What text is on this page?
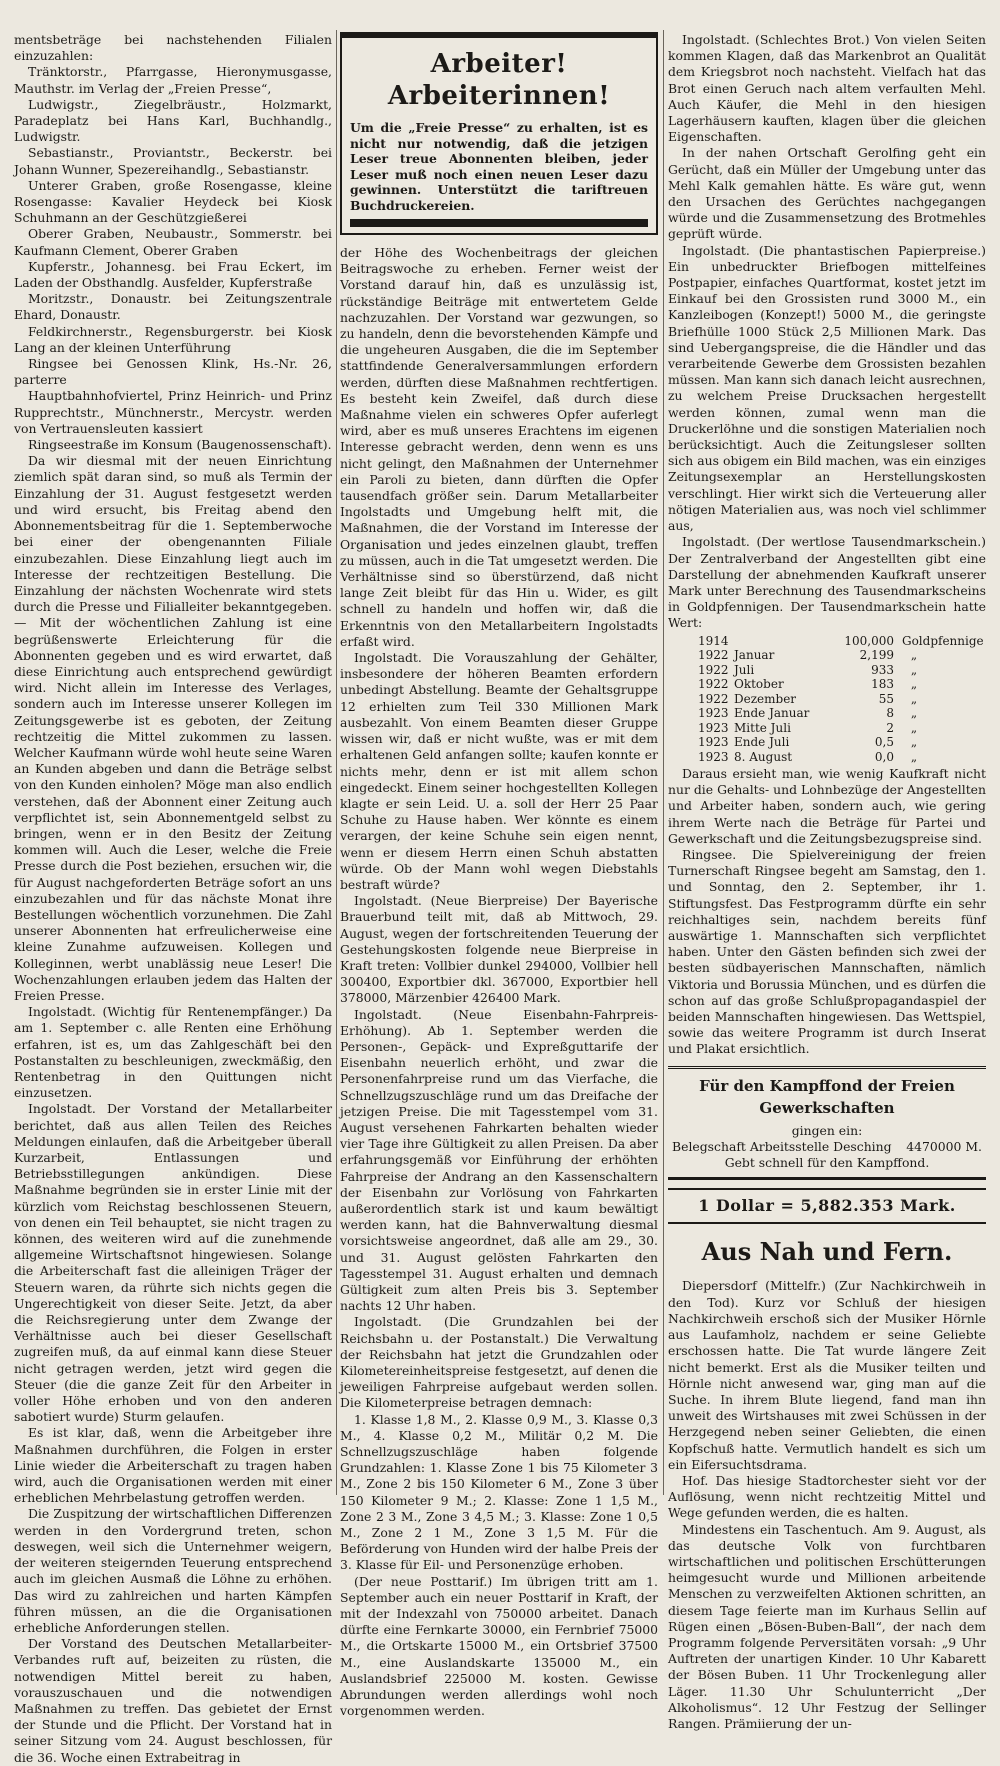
mentsbeträge bei nachstehenden Filialen einzuzahlen:

Tränktorstr., Pfarrgasse, Hieronymusgasse, Mauthstr. im Verlag der „Freien Presse“,

Ludwigstr., Ziegelbräustr., Holzmarkt, Paradeplatz bei Hans Karl, Buchhandlg., Ludwigstr.

Sebastianstr., Proviantstr., Beckerstr. bei Johann Wunner, Spezereihandlg., Sebastianstr.

Unterer Graben, große Rosengasse, kleine Rosengasse: Kavalier Heydeck bei Kiosk Schuhmann an der Geschützgießerei

Oberer Graben, Neubaustr., Sommerstr. bei Kaufmann Clement, Oberer Graben

Kupferstr., Johannesg. bei Frau Eckert, im Laden der Obsthandlg. Ausfelder, Kupferstraße

Moritzstr., Donaustr. bei Zeitungszentrale Ehard, Donaustr.

Feldkirchnerstr., Regensburgerstr. bei Kiosk Lang an der kleinen Unterführung

Ringsee bei Genossen Klink, Hs.-Nr. 26, parterre

Hauptbahnhofviertel, Prinz Heinrich- und Prinz Rupprechtstr., Münchnerstr., Mercystr. werden von Vertrauensleuten kassiert

Ringseestraße im Konsum (Baugenossenschaft).

Da wir diesmal mit der neuen Einrichtung ziemlich spät daran sind, so muß als Termin der Einzahlung der 31. August festgesetzt werden und wird ersucht, bis Freitag abend den Abonnementsbeitrag für die 1. Septemberwoche bei einer der obengenannten Filiale einzubezahlen. Diese Einzahlung liegt auch im Interesse der rechtzeitigen Bestellung. Die Einzahlung der nächsten Wochenrate wird stets durch die Presse und Filialleiter bekanntgegeben. — Mit der wöchentlichen Zahlung ist eine begrüßenswerte Erleichterung für die Abonnenten gegeben und es wird erwartet, daß diese Einrichtung auch entsprechend gewürdigt wird. Nicht allein im Interesse des Verlages, sondern auch im Interesse unserer Kollegen im Zeitungsgewerbe ist es geboten, der Zeitung rechtzeitig die Mittel zukommen zu lassen. Welcher Kaufmann würde wohl heute seine Waren an Kunden abgeben und dann die Beträge selbst von den Kunden einholen? Möge man also endlich verstehen, daß der Abonnent einer Zeitung auch verpflichtet ist, sein Abonnementgeld selbst zu bringen, wenn er in den Besitz der Zeitung kommen will. Auch die Leser, welche die Freie Presse durch die Post beziehen, ersuchen wir, die für August nachgeforderten Beträge sofort an uns einzubezahlen und für das nächste Monat ihre Bestellungen wöchentlich vorzunehmen. Die Zahl unserer Abonnenten hat erfreulicherweise eine kleine Zunahme aufzuweisen. Kollegen und Kolleginnen, werbt unablässig neue Leser! Die Wochenzahlungen erlauben jedem das Halten der Freien Presse.

Ingolstadt. (Wichtig für Rentenempfänger.) Da am 1. September c. alle Renten eine Erhöhung erfahren, ist es, um das Zahlgeschäft bei den Postanstalten zu beschleunigen, zweckmäßig, den Rentenbetrag in den Quittungen nicht einzusetzen.

Ingolstadt. Der Vorstand der Metallarbeiter berichtet, daß aus allen Teilen des Reiches Meldungen einlaufen, daß die Arbeitgeber überall Kurzarbeit, Entlassungen und Betriebsstillegungen ankündigen. Diese Maßnahme begründen sie in erster Linie mit der kürzlich vom Reichstag beschlossenen Steuern, von denen ein Teil behauptet, sie nicht tragen zu können, des weiteren wird auf die zunehmende allgemeine Wirtschaftsnot hingewiesen. Solange die Arbeiterschaft fast die alleinigen Träger der Steuern waren, da rührte sich nichts gegen die Ungerechtigkeit von dieser Seite. Jetzt, da aber die Reichsregierung unter dem Zwange der Verhältnisse auch bei dieser Gesellschaft zugreifen muß, da auf einmal kann diese Steuer nicht getragen werden, jetzt wird gegen die Steuer (die die ganze Zeit für den Arbeiter in voller Höhe erhoben und von den anderen sabotiert wurde) Sturm gelaufen.

Es ist klar, daß, wenn die Arbeitgeber ihre Maßnahmen durchführen, die Folgen in erster Linie wieder die Arbeiterschaft zu tragen haben wird, auch die Organisationen werden mit einer erheblichen Mehrbelastung getroffen werden.

Die Zuspitzung der wirtschaftlichen Differenzen werden in den Vordergrund treten, schon deswegen, weil sich die Unternehmer weigern, der weiteren steigernden Teuerung entsprechend auch im gleichen Ausmaß die Löhne zu erhöhen. Das wird zu zahlreichen und harten Kämpfen führen müssen, an die die Organisationen erhebliche Anforderungen stellen.

Der Vorstand des Deutschen Metallarbeiter-Verbandes ruft auf, beizeiten zu rüsten, die notwendigen Mittel bereit zu haben, vorauszuschauen und die notwendigen Maßnahmen zu treffen. Das gebietet der Ernst der Stunde und die Pflicht. Der Vorstand hat in seiner Sitzung vom 24. August beschlossen, für die 36. Woche einen Extrabeitrag in

Arbeiter! Arbeiterinnen!
Um die „Freie Presse“ zu erhalten, ist es nicht nur notwendig, daß die jetzigen Leser treue Abonnenten bleiben, jeder Leser muß noch einen neuen Leser dazu gewinnen. Unterstützt die tariftreuen Buchdruckereien.

der Höhe des Wochenbeitrags der gleichen Beitragswoche zu erheben. Ferner weist der Vorstand darauf hin, daß es unzulässig ist, rückständige Beiträge mit entwertetem Gelde nachzuzahlen. Der Vorstand war gezwungen, so zu handeln, denn die bevorstehenden Kämpfe und die ungeheuren Ausgaben, die die im September stattfindende Generalversammlungen erfordern werden, dürften diese Maßnahmen rechtfertigen. Es besteht kein Zweifel, daß durch diese Maßnahme vielen ein schweres Opfer auferlegt wird, aber es muß unseres Erachtens im eigenen Interesse gebracht werden, denn wenn es uns nicht gelingt, den Maßnahmen der Unternehmer ein Paroli zu bieten, dann dürften die Opfer tausendfach größer sein. Darum Metallarbeiter Ingolstadts und Umgebung helft mit, die Maßnahmen, die der Vorstand im Interesse der Organisation und jedes einzelnen glaubt, treffen zu müssen, auch in die Tat umgesetzt werden. Die Verhältnisse sind so überstürzend, daß nicht lange Zeit bleibt für das Hin u. Wider, es gilt schnell zu handeln und hoffen wir, daß die Erkenntnis von den Metallarbeitern Ingolstadts erfaßt wird.

Ingolstadt. Die Vorauszahlung der Gehälter, insbesondere der höheren Beamten erfordern unbedingt Abstellung. Beamte der Gehaltsgruppe 12 erhielten zum Teil 330 Millionen Mark ausbezahlt. Von einem Beamten dieser Gruppe wissen wir, daß er nicht wußte, was er mit dem erhaltenen Geld anfangen sollte; kaufen konnte er nichts mehr, denn er ist mit allem schon eingedeckt. Einem seiner hochgestellten Kollegen klagte er sein Leid. U. a. soll der Herr 25 Paar Schuhe zu Hause haben. Wer könnte es einem verargen, der keine Schuhe sein eigen nennt, wenn er diesem Herrn einen Schuh abstatten würde. Ob der Mann wohl wegen Diebstahls bestraft würde?

Ingolstadt. (Neue Bierpreise) Der Bayerische Brauerbund teilt mit, daß ab Mittwoch, 29. August, wegen der fortschreitenden Teuerung der Gestehungskosten folgende neue Bierpreise in Kraft treten: Vollbier dunkel 294000, Vollbier hell 300400, Exportbier dkl. 367000, Exportbier hell 378000, Märzenbier 426400 Mark.

Ingolstadt. (Neue Eisenbahn-Fahrpreis-Erhöhung). Ab 1. September werden die Personen-, Gepäck- und Expreßguttarife der Eisenbahn neuerlich erhöht, und zwar die Personenfahrpreise rund um das Vierfache, die Schnellzugszuschläge rund um das Dreifache der jetzigen Preise. Die mit Tagesstempel vom 31. August versehenen Fahrkarten behalten wieder vier Tage ihre Gültigkeit zu allen Preisen. Da aber erfahrungsgemäß vor Einführung der erhöhten Fahrpreise der Andrang an den Kassenschaltern der Eisenbahn zur Vorlösung von Fahrkarten außerordentlich stark ist und kaum bewältigt werden kann, hat die Bahnverwaltung diesmal vorsichtsweise angeordnet, daß alle am 29., 30. und 31. August gelösten Fahrkarten den Tagesstempel 31. August erhalten und demnach Gültigkeit zum alten Preis bis 3. September nachts 12 Uhr haben.

Ingolstadt. (Die Grundzahlen bei der Reichsbahn u. der Postanstalt.) Die Verwaltung der Reichsbahn hat jetzt die Grundzahlen oder Kilometereinheitspreise festgesetzt, auf denen die jeweiligen Fahrpreise aufgebaut werden sollen. Die Kilometerpreise betragen demnach:

1. Klasse 1,8 M., 2. Klasse 0,9 M., 3. Klasse 0,3 M., 4. Klasse 0,2 M., Militär 0,2 M. Die Schnellzugszuschläge haben folgende Grundzahlen: 1. Klasse Zone 1 bis 75 Kilometer 3 M., Zone 2 bis 150 Kilometer 6 M., Zone 3 über 150 Kilometer 9 M.; 2. Klasse: Zone 1 1,5 M., Zone 2 3 M., Zone 3 4,5 M.; 3. Klasse: Zone 1 0,5 M., Zone 2 1 M., Zone 3 1,5 M. Für die Beförderung von Hunden wird der halbe Preis der 3. Klasse für Eil- und Personenzüge erhoben.

(Der neue Posttarif.) Im übrigen tritt am 1. September auch ein neuer Posttarif in Kraft, der mit der Indexzahl von 750000 arbeitet. Danach dürfte eine Fernkarte 30000, ein Fernbrief 75000 M., die Ortskarte 15000 M., ein Ortsbrief 37500 M., eine Auslandskarte 135000 M., ein Auslandsbrief 225000 M. kosten. Gewisse Abrundungen werden allerdings wohl noch vorgenommen werden.

Ingolstadt. (Schlechtes Brot.) Von vielen Seiten kommen Klagen, daß das Markenbrot an Qualität dem Kriegsbrot noch nachsteht. Vielfach hat das Brot einen Geruch nach altem verfaulten Mehl. Auch Käufer, die Mehl in den hiesigen Lagerhäusern kauften, klagen über die gleichen Eigenschaften.

In der nahen Ortschaft Gerolfing geht ein Gerücht, daß ein Müller der Umgebung unter das Mehl Kalk gemahlen hätte. Es wäre gut, wenn den Ursachen des Gerüchtes nachgegangen würde und die Zusammensetzung des Brotmehles geprüft würde.

Ingolstadt. (Die phantastischen Papierpreise.) Ein unbedruckter Briefbogen mittelfeines Postpapier, einfaches Quartformat, kostet jetzt im Einkauf bei den Grossisten rund 3000 M., ein Kanzleibogen (Konzept!) 5000 M., die geringste Briefhülle 1000 Stück 2,5 Millionen Mark. Das sind Uebergangspreise, die die Händler und das verarbeitende Gewerbe dem Grossisten bezahlen müssen. Man kann sich danach leicht ausrechnen, zu welchem Preise Drucksachen hergestellt werden können, zumal wenn man die Druckerlöhne und die sonstigen Materialien noch berücksichtigt. Auch die Zeitungsleser sollten sich aus obigem ein Bild machen, was ein einziges Zeitungsexemplar an Herstellungskosten verschlingt. Hier wirkt sich die Verteuerung aller nötigen Materialien aus, was noch viel schlimmer aus,

Ingolstadt. (Der wertlose Tausendmarkschein.) Der Zentralverband der Angestellten gibt eine Darstellung der abnehmenden Kaufkraft unserer Mark unter Berechnung des Tausendmarkscheins in Goldpfennigen. Der Tausendmarkschein hatte Wert:

1914	100,000 Goldpfennige
1922 Januar	2,199	„
1922 Juli	933	„
1922 Oktober	183	„
1922 Dezember	55	„
1923 Ende Januar	8	„
1923 Mitte Juli	2	„
1923 Ende Juli	0,5	„
1923 8. August	0,0	„

Daraus ersieht man, wie wenig Kaufkraft nicht nur die Gehalts- und Lohnbezüge der Angestellten und Arbeiter haben, sondern auch, wie gering ihrem Werte nach die Beträge für Partei und Gewerkschaft und die Zeitungsbezugspreise sind.

Ringsee. Die Spielvereinigung der freien Turnerschaft Ringsee begeht am Samstag, den 1. und Sonntag, den 2. September, ihr 1. Stiftungsfest. Das Festprogramm dürfte ein sehr reichhaltiges sein, nachdem bereits fünf auswärtige 1. Mannschaften sich verpflichtet haben. Unter den Gästen befinden sich zwei der besten südbayerischen Mannschaften, nämlich Viktoria und Borussia München, und es dürfen die schon auf das große Schlußpropagandaspiel der beiden Mannschaften hingewiesen. Das Wettspiel, sowie das weitere Programm ist durch Inserat und Plakat ersichtlich.

Für den Kampffond der Freien Gewerkschaften
gingen ein:
Belegschaft Arbeitsstelle Desching 4470000 M.
Gebt schnell für den Kampffond.
1 Dollar = 5,882.353 Mark.
Aus Nah und Fern.

Diepersdorf (Mittelfr.) (Zur Nachkirchweih in den Tod). Kurz vor Schluß der hiesigen Nachkirchweih erschoß sich der Musiker Hörnle aus Laufamholz, nachdem er seine Geliebte erschossen hatte. Die Tat wurde längere Zeit nicht bemerkt. Erst als die Musiker teilten und Hörnle nicht anwesend war, ging man auf die Suche. In ihrem Blute liegend, fand man ihn unweit des Wirtshauses mit zwei Schüssen in der Herzgegend neben seiner Geliebten, die einen Kopfschuß hatte. Vermutlich handelt es sich um ein Eifersuchtsdrama.

Hof. Das hiesige Stadtorchester sieht vor der Auflösung, wenn nicht rechtzeitig Mittel und Wege gefunden werden, die es halten.

Mindestens ein Taschentuch. Am 9. August, als das deutsche Volk von furchtbaren wirtschaftlichen und politischen Erschütterungen heimgesucht wurde und Millionen arbeitende Menschen zu verzweifelten Aktionen schritten, an diesem Tage feierte man im Kurhaus Sellin auf Rügen einen „Bösen-Buben-Ball“, der nach dem Programm folgende Perversitäten vorsah: „9 Uhr Auftreten der unartigen Kinder. 10 Uhr Kabarett der Bösen Buben. 11 Uhr Trockenlegung aller Läger. 11.30 Uhr Schulunterricht „Der Alkoholismus“. 12 Uhr Festzug der Sellinger Rangen. Prämiierung der un-
